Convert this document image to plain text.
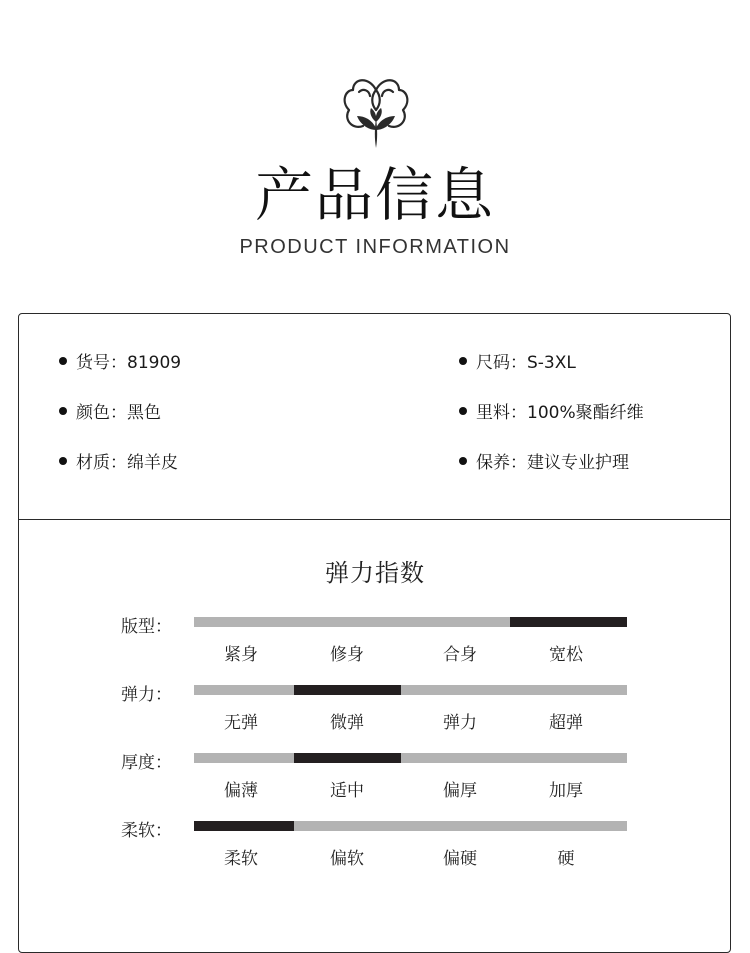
产品信息
PRODUCT INFORMATION
货号：81909
颜色：黑色
材质：绵羊皮
尺码：S-3XL
里料：100%聚酯纤维
保养：建议专业护理
弹力指数
版型：
紧身	修身	合身	宽松
弹力：
无弹	微弹	弹力	超弹
厚度：
偏薄	适中	偏厚	加厚
柔软：
柔软	偏软	偏硬	硬
